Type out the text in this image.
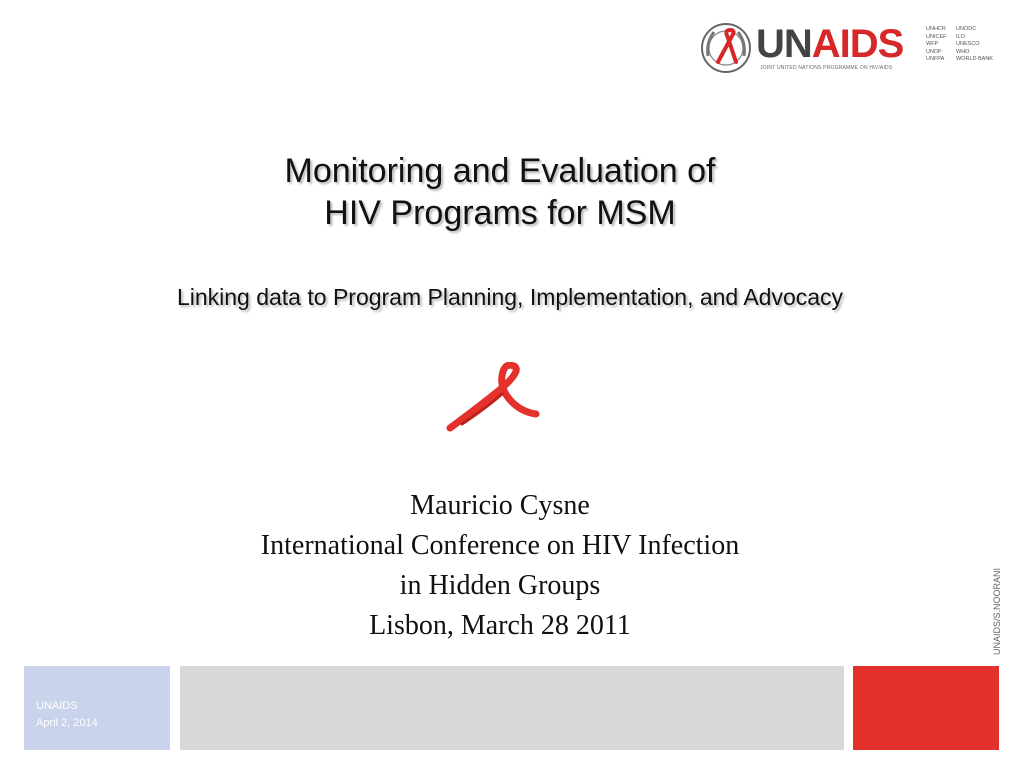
UNAIDS
JOINT UNITED NATIONS PROGRAMME ON HIV/AIDS
UNHCR
UNICEF
WFP
UNDP
UNFPA
UNODC
ILO
UNESCO
WHO
WORLD BANK
Monitoring and Evaluation of
HIV Programs for MSM
Linking data to Program Planning, Implementation, and Advocacy
Mauricio Cysne
International Conference on HIV Infection
in Hidden Groups
Lisbon, March 28 2011	UNAIDS/S.NOORANI
UNAIDS
April 2, 2014
